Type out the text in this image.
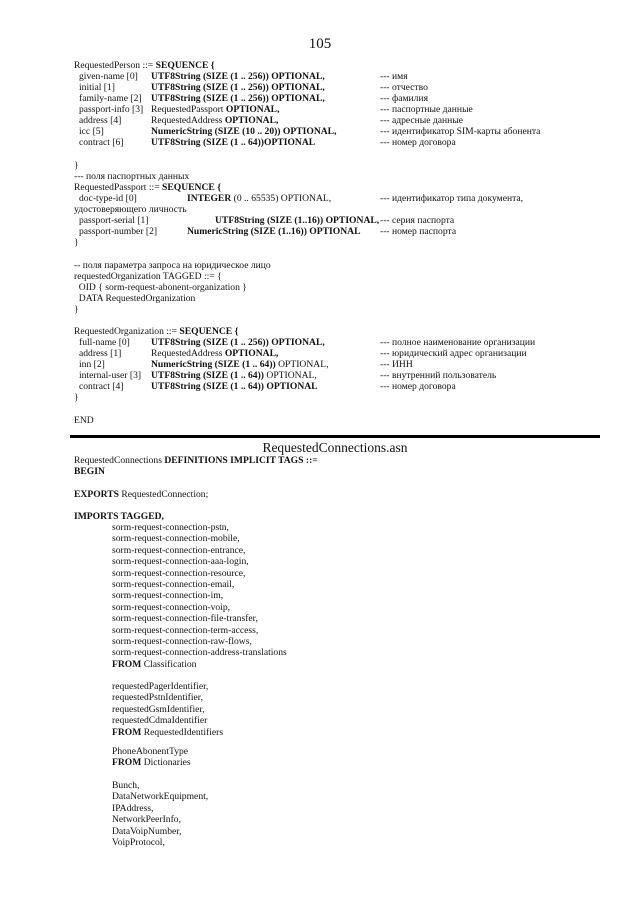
105
RequestedPerson ::= SEQUENCE {
given-name [0] UTF8String (SIZE (1 .. 256)) OPTIONAL,	--- имя
initial [1]	UTF8String (SIZE (1 .. 256)) OPTIONAL,	--- отчество
family-name [2] UTF8String (SIZE (1 .. 256)) OPTIONAL,	--- фамилия
passport-info [3] RequestedPassport OPTIONAL,	--- паспортные данные
address [4]	RequestedAddress OPTIONAL,	--- адресные данные
icc [5]	NumericString (SIZE (10 .. 20)) OPTIONAL,	--- идентификатор SIM-карты абонента
contract [6]	UTF8String (SIZE (1 .. 64))OPTIONAL	--- номер договора
}
--- поля паспортных данных
RequestedPassport ::= SEQUENCE {
doc-type-id [0]	INTEGER (0 .. 65535) OPTIONAL,	--- идентификатор типа документа,
удостоверяющего личность
passport-serial [1]	UTF8String (SIZE (1..16)) OPTIONAL, --- серия паспорта
passport-number [2]	NumericString (SIZE (1..16)) OPTIONAL --- номер паспорта
}
-- поля параметра запроса на юридическое лицо
requestedOrganization TAGGED ::= {
OID { sorm-request-abonent-organization }
DATA RequestedOrganization
}
RequestedOrganization ::= SEQUENCE {
full-name [0] UTF8String (SIZE (1 .. 256)) OPTIONAL,	--- полное наименование организации
address [1]	RequestedAddress OPTIONAL,	--- юридический адрес организации
inn [2]	NumericString (SIZE (1 .. 64)) OPTIONAL,	--- ИНН
internal-user [3] UTF8String (SIZE (1 .. 64)) OPTIONAL,	--- внутренний пользователь
contract [4]	UTF8String (SIZE (1 .. 64)) OPTIONAL	--- номер договора
}
END
RequestedConnections.asn
RequestedConnections DEFINITIONS IMPLICIT TAGS ::=
BEGIN
EXPORTS RequestedConnection;
IMPORTS TAGGED,
sorm-request-connection-pstn,
sorm-request-connection-mobile,
sorm-request-connection-entrance,
sorm-request-connection-aaa-login,
sorm-request-connection-resource,
sorm-request-connection-email,
sorm-request-connection-im,
sorm-request-connection-voip,
sorm-request-connection-file-transfer,
sorm-request-connection-term-access,
sorm-request-connection-raw-flows,
sorm-request-connection-address-translations
FROM Classification
requestedPagerIdentifier,
requestedPstnIdentifier,
requestedGsmIdentifier,
requestedCdmaIdentifier
FROM RequestedIdentifiers
PhoneAbonentType
FROM Dictionaries
Bunch,
DataNetworkEquipment,
IPAddress,
NetworkPeerInfo,
DataVoipNumber,
VoipProtocol,
